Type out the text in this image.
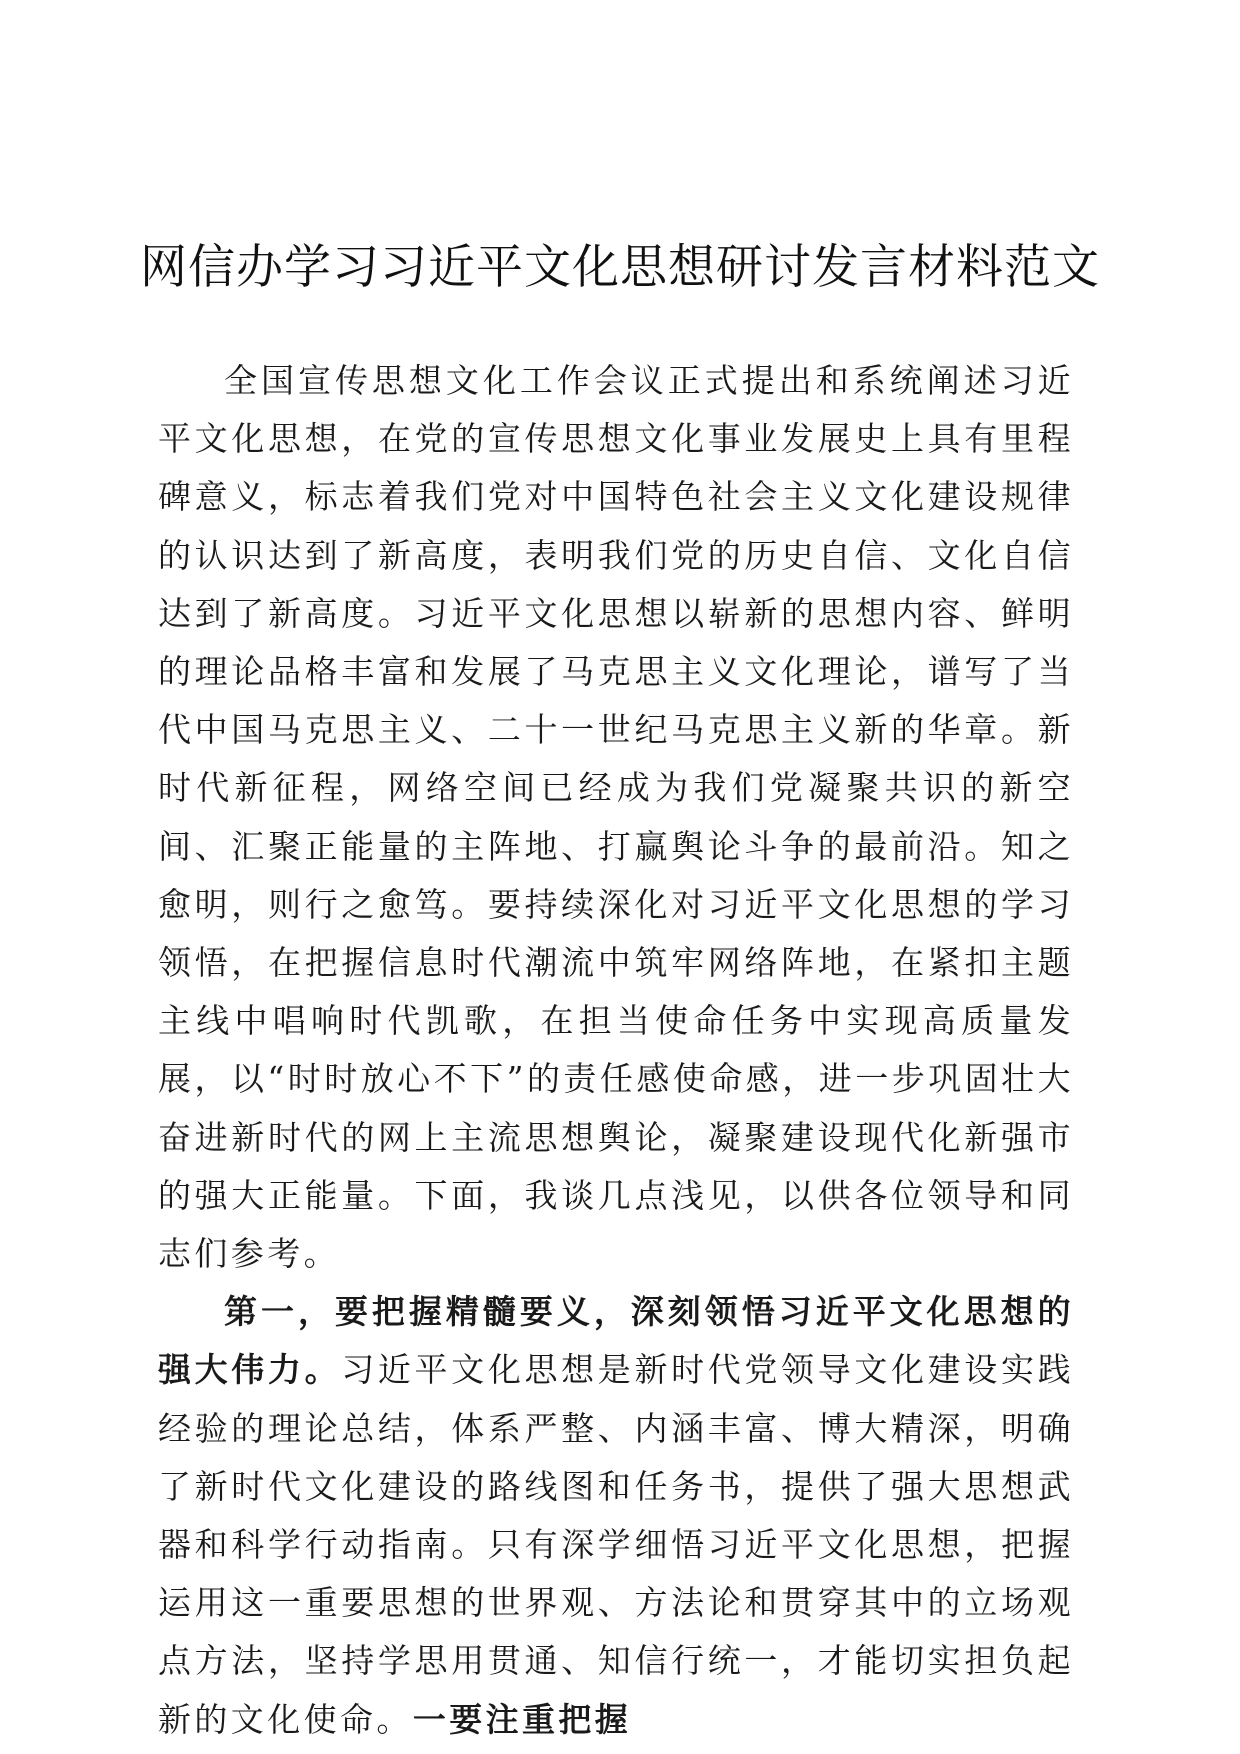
网信办学习习近平文化思想研讨发言材料范文

全国宣传思想文化工作会议正式提出和系统阐述习近平文化思想，在党的宣传思想文化事业发展史上具有里程碑意义，标志着我们党对中国特色社会主义文化建设规律的认识达到了新高度，表明我们党的历史自信、文化自信达到了新高度。习近平文化思想以崭新的思想内容、鲜明的理论品格丰富和发展了马克思主义文化理论，谱写了当代中国马克思主义、二十一世纪马克思主义新的华章。新时代新征程，网络空间已经成为我们党凝聚共识的新空间、汇聚正能量的主阵地、打赢舆论斗争的最前沿。知之愈明，则行之愈笃。要持续深化对习近平文化思想的学习领悟，在把握信息时代潮流中筑牢网络阵地，在紧扣主题主线中唱响时代凯歌，在担当使命任务中实现高质量发展，以“时时放心不下”的责任感使命感，进一步巩固壮大奋进新时代的网上主流思想舆论，凝聚建设现代化新强市的强大正能量。下面，我谈几点浅见，以供各位领导和同志们参考。

第一，要把握精髓要义，深刻领悟习近平文化思想的强大伟力。习近平文化思想是新时代党领导文化建设实践经验的理论总结，体系严整、内涵丰富、博大精深，明确了新时代文化建设的路线图和任务书，提供了强大思想武器和科学行动指南。只有深学细悟习近平文化思想，把握运用这一重要思想的世界观、方法论和贯穿其中的立场观点方法，坚持学思用贯通、知信行统一，才能切实担负起新的文化使命。一要注重把握
